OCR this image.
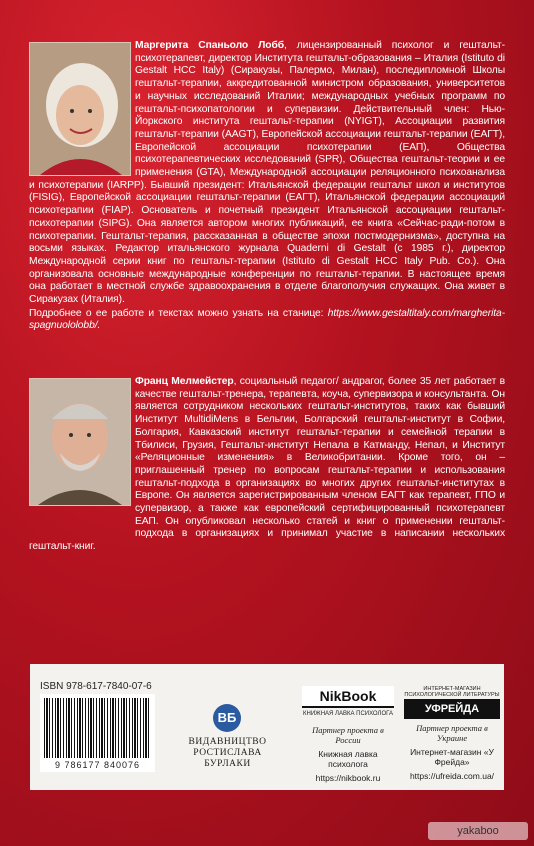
Маргерита Спаньоло Лобб, лицензированный психолог и гештальт-психотерапевт, директор Института гештальт-образования – Италия (Istituto di Gestalt HCC Italy) (Сиракузы, Палермо, Милан), последипломной Школы гештальт-терапии, аккредитованной министром образования, университетов и научных исследований Италии; международных учебных программ по гештальт-психопатологии и супервизии. Действительный член: Нью-Йоркского института гештальт-терапии (NYIGT), Ассоциации развития гештальт-терапии (AAGT), Европейской ассоциации гештальт-терапии (ЕАГТ), Европейской ассоциации психотерапии (ЕАП), Общества психотерапевтических исследований (SPR), Общества гештальт-теории и ее применения (GTA), Международной ассоциации реляционного психоанализа и психотерапии (IARPP). Бывший президент: Итальянской федерации гештальт школ и институтов (FISIG), Европейской ассоциации гештальт-терапии (ЕАГТ), Итальянской федерации ассоциаций психотерапии (FIAP). Основатель и почетный президент Итальянской ассоциации гештальт-психотерапии (SIPG). Она является автором многих публикаций, ее книга «Сейчас-ради-потом в психотерапии. Гештальт-терапия, рассказанная в обществе эпохи постмодернизма», доступна на восьми языках. Редактор итальянского журнала Quaderni di Gestalt (с 1985 г.), директор Международной серии книг по гештальт-терапии (Istituto di Gestalt HCC Italy Pub. Co.). Она организовала основные международные конференции по гештальт-терапии. В настоящее время она работает в местной службе здравоохранения в отделе благополучия служащих. Она живет в Сиракузах (Италия).
Подробнее о ее работе и текстах можно узнать на станице: https://www.gestaltitaly.com/margherita-spagnuololobb/.
Франц Мелмейстер, социальный педагог/ андрагог, более 35 лет работает в качестве гештальт-тренера, терапевта, коуча, супервизора и консультанта. Он является сотрудником нескольких гештальт-институтов, таких как бывший Институт MultidiMens в Бельгии, Болгарский гештальт-институт в Софии, Болгария, Кавказский институт гештальт-терапии и семейной терапии в Тбилиси, Грузия, Гештальт-институт Непала в Катманду, Непал, и Институт «Реляционные изменения» в Великобритании. Кроме того, он – приглашенный тренер по вопросам гештальт-терапии и использования гештальт-подхода в организациях во многих других гештальт-институтах в Европе. Он является зарегистрированным членом ЕАГТ как терапевт, ГПО и супервизор, а также как европейский сертифицированный психотерапевт ЕАП. Он опубликовал несколько статей и книг о применении гештальт-подхода в организациях и принимал участие в написании нескольких гештальт-книг.
ISBN 978-617-7840-07-6
9 786177 840076
ВБ
ВИДАВНИЦТВО
РОСТИСЛАВА БУРЛАКИ
NikBook
КНИЖНАЯ ЛАВКА ПСИХОЛОГА
Партнер проекта в России
Книжная лавка психолога
https://nikbook.ru
ИНТЕРНЕТ-МАГАЗИН ПСИХОЛОГИЧЕСКОЙ ЛИТЕРАТУРЫ
УФРЕЙДА
Партнер проекта в Украине
Интернет-магазин «У Фрейда»
https://ufreida.com.ua/
yakaboo
